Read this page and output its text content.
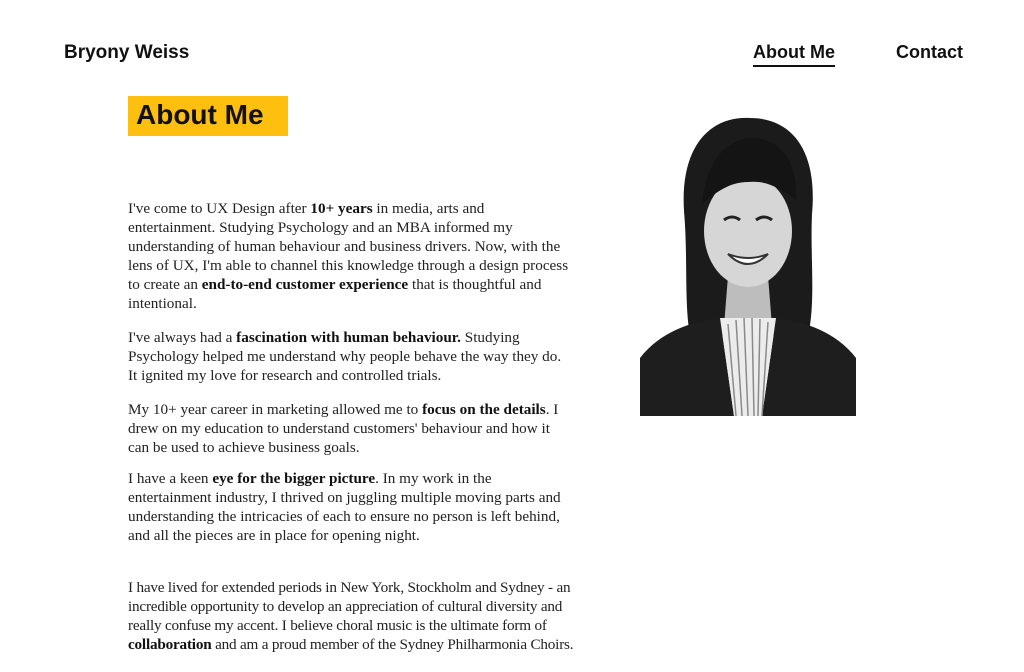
Bryony Weiss	About Me	Contact
About Me

I've come to UX Design after 10+ years in media, arts and entertainment. Studying Psychology and an MBA informed my understanding of human behaviour and business drivers. Now, with the lens of UX, I'm able to channel this knowledge through a design process to create an end-to-end customer experience that is thoughtful and intentional.

I've always had a fascination with human behaviour. Studying Psychology helped me understand why people behave the way they do. It ignited my love for research and controlled trials.

My 10+ year career in marketing allowed me to focus on the details. I drew on my education to understand customers' behaviour and how it can be used to achieve business goals.

I have a keen eye for the bigger picture. In my work in the entertainment industry, I thrived on juggling multiple moving parts and understanding the intricacies of each to ensure no person is left behind, and all the pieces are in place for opening night.

I have lived for extended periods in New York, Stockholm and Sydney - an incredible opportunity to develop an appreciation of cultural diversity and really confuse my accent. I believe choral music is the ultimate form of collaboration and am a proud member of the Sydney Philharmonia Choirs.
